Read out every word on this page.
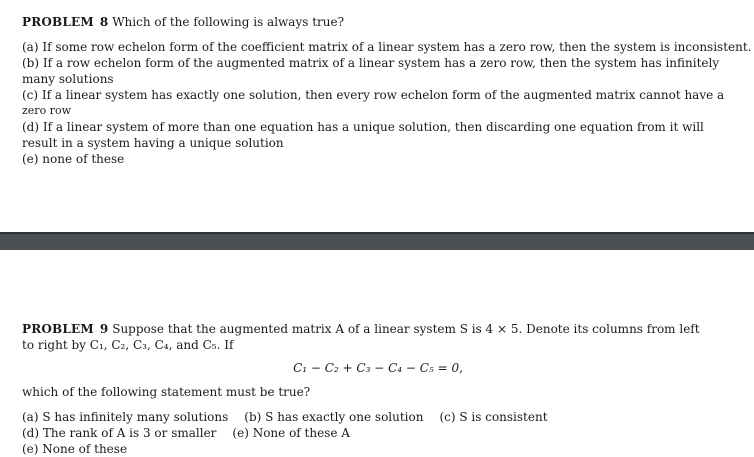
PROBLEM 8 Which of the following is always true?
(a) If some row echelon form of the coefficient matrix of a linear system has a zero row, then the system is inconsistent.
(b) If a row echelon form of the augmented matrix of a linear system has a zero row, then the system has infinitely
many solutions
(c) If a linear system has exactly one solution, then every row echelon form of the augmented matrix cannot have a
zero row
(d) If a linear system of more than one equation has a unique solution, then discarding one equation from it will
result in a system having a unique solution
(e) none of these
PROBLEM 9 Suppose that the augmented matrix A of a linear system S is 4 × 5. Denote its columns from left
to right by C₁, C₂, C₃, C₄, and C₅. If
C₁ − C₂ + C₃ − C₄ − C₅ = 0,
which of the following statement must be true?
(a) S has infinitely many solutions (b) S has exactly one solution (c) S is consistent
(d) The rank of A is 3 or smaller (e) None of these A
(e) None of these
